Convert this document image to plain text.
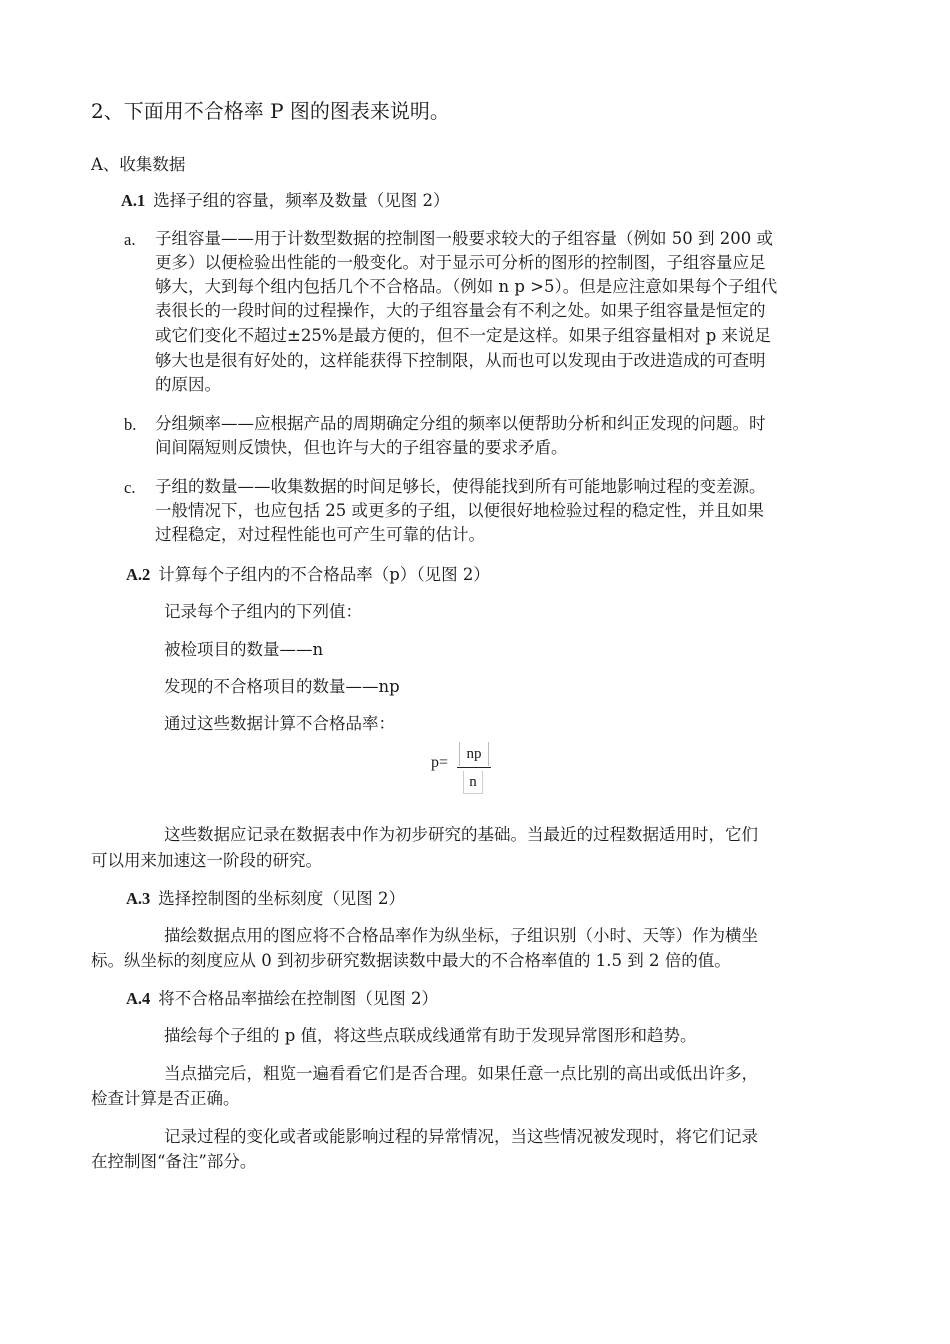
2、下面用不合格率 P 图的图表来说明。
A、收集数据
A.1 选择子组的容量，频率及数量（见图 2）
a. 子组容量——用于计数型数据的控制图一般要求较大的子组容量（例如 50 到 200 或
更多）以便检验出性能的一般变化。对于显示可分析的图形的控制图，子组容量应足
够大，大到每个组内包括几个不合格品。（例如 n p >5）。但是应注意如果每个子组代
表很长的一段时间的过程操作，大的子组容量会有不利之处。如果子组容量是恒定的
或它们变化不超过±25%是最方便的，但不一定是这样。如果子组容量相对 p 来说足
够大也是很有好处的，这样能获得下控制限，从而也可以发现由于改进造成的可查明
的原因。
b. 分组频率——应根据产品的周期确定分组的频率以便帮助分析和纠正发现的问题。时
间间隔短则反馈快，但也许与大的子组容量的要求矛盾。
c. 子组的数量——收集数据的时间足够长，使得能找到所有可能地影响过程的变差源。
一般情况下，也应包括 25 或更多的子组，以便很好地检验过程的稳定性，并且如果
过程稳定，对过程性能也可产生可靠的估计。
A.2 计算每个子组内的不合格品率（p）（见图 2）
记录每个子组内的下列值：
被检项目的数量——n
发现的不合格项目的数量——np
通过这些数据计算不合格品率：
p=	np
n
这些数据应记录在数据表中作为初步研究的基础。当最近的过程数据适用时，它们
可以用来加速这一阶段的研究。
A.3 选择控制图的坐标刻度（见图 2）
描绘数据点用的图应将不合格品率作为纵坐标，子组识别（小时、天等）作为横坐
标。纵坐标的刻度应从 0 到初步研究数据读数中最大的不合格率值的 1.5 到 2 倍的值。
A.4 将不合格品率描绘在控制图（见图 2）
描绘每个子组的 p 值，将这些点联成线通常有助于发现异常图形和趋势。
当点描完后，粗览一遍看看它们是否合理。如果任意一点比别的高出或低出许多，
检查计算是否正确。
记录过程的变化或者或能影响过程的异常情况，当这些情况被发现时，将它们记录
在控制图“备注”部分。
